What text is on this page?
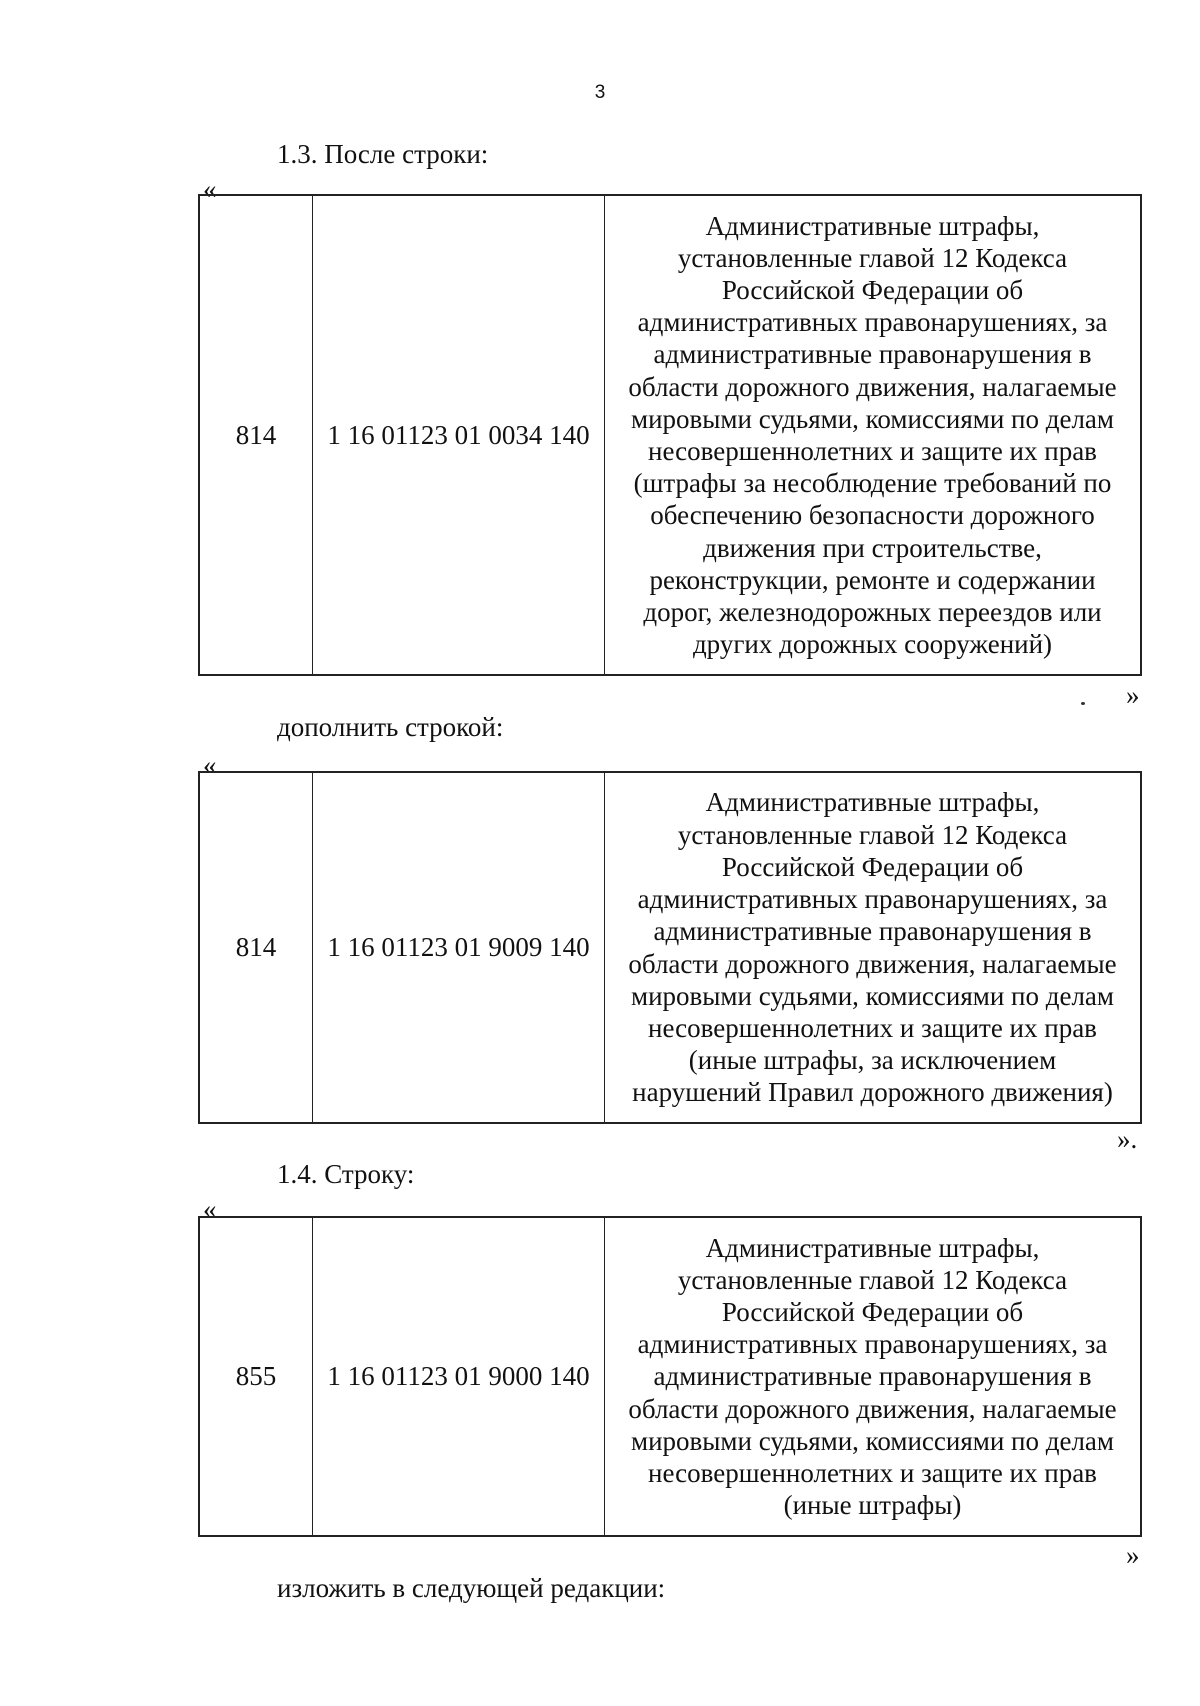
3
1.3. После строки:
«
814	1 16 01123 01 0034 140
Административные штрафы,
установленные главой 12 Кодекса
Российской Федерации об
административных правонарушениях, за
административные правонарушения в
области дорожного движения, налагаемые
мировыми судьями, комиссиями по делам
несовершеннолетних и защите их прав
(штрафы за несоблюдение требований по
обеспечению безопасности дорожного
движения при строительстве,
реконструкции, ремонте и содержании
дорог, железнодорожных переездов или
других дорожных сооружений)
»
дополнить строкой:
«
814	1 16 01123 01 9009 140
Административные штрафы,
установленные главой 12 Кодекса
Российской Федерации об
административных правонарушениях, за
административные правонарушения в
области дорожного движения, налагаемые
мировыми судьями, комиссиями по делам
несовершеннолетних и защите их прав
(иные штрафы, за исключением
нарушений Правил дорожного движения)
».
1.4. Строку:
«
855	1 16 01123 01 9000 140
Административные штрафы,
установленные главой 12 Кодекса
Российской Федерации об
административных правонарушениях, за
административные правонарушения в
области дорожного движения, налагаемые
мировыми судьями, комиссиями по делам
несовершеннолетних и защите их прав
(иные штрафы)
»
изложить в следующей редакции:
